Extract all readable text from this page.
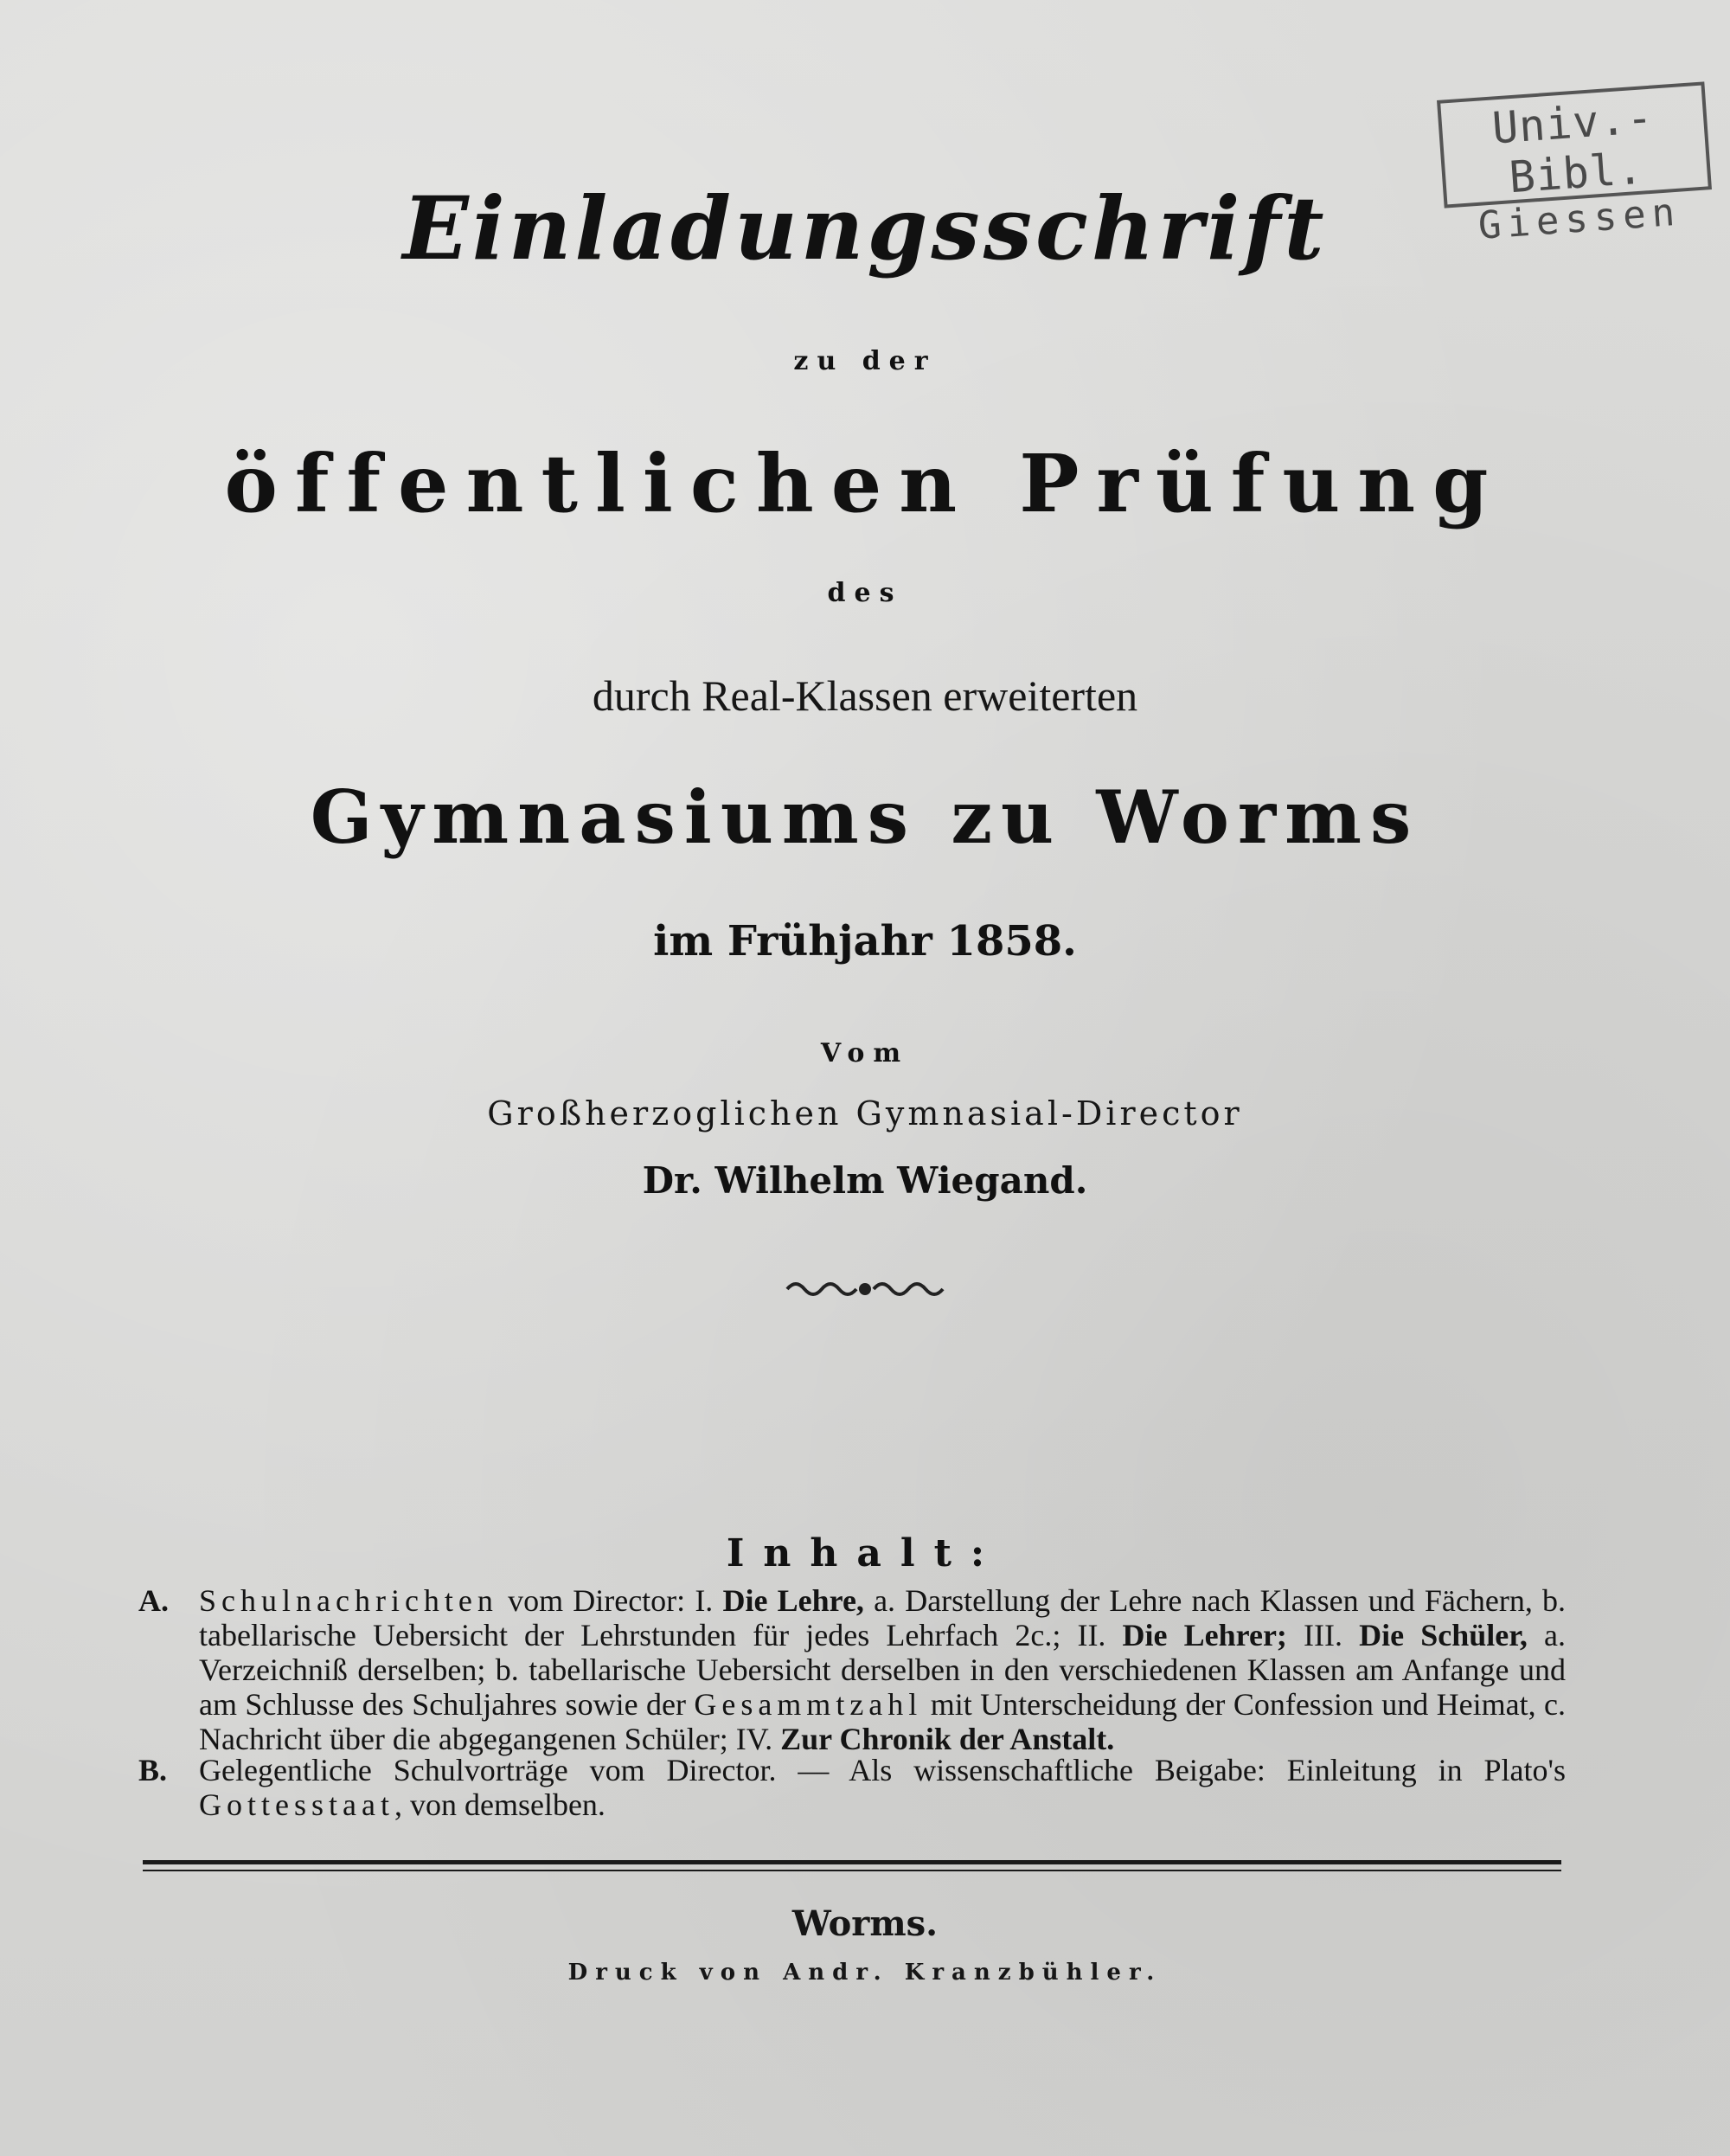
Univ.-Bibl.
Giessen
Einladungsschrift
zu der
öffentlichen Prüfung
des
durch Real-Klassen erweiterten
Gymnasiums zu Worms
im Frühjahr 1858.
Vom
Großherzoglichen Gymnasial-Director
Dr. Wilhelm Wiegand.
Inhalt:
A. Schulnachrichten vom Director: I. Die Lehre, a. Darstellung der Lehre nach Klassen und Fächern, b. tabellarische Uebersicht der Lehrstunden für jedes Lehrfach 2c.; II. Die Lehrer; III. Die Schüler, a. Verzeichniß derselben; b. tabellarische Uebersicht derselben in den verschiedenen Klassen am Anfange und am Schlusse des Schuljahres sowie der Gesammtzahl mit Unterscheidung der Confession und Heimat, c. Nachricht über die abgegangenen Schüler; IV. Zur Chronik der Anstalt.
B.	Gelegentliche Schulvorträge vom Director. — Als wissenschaftliche Beigabe: Einleitung in Plato's Gottesstaat, von demselben.
Worms.
Druck von Andr. Kranzbühler.
